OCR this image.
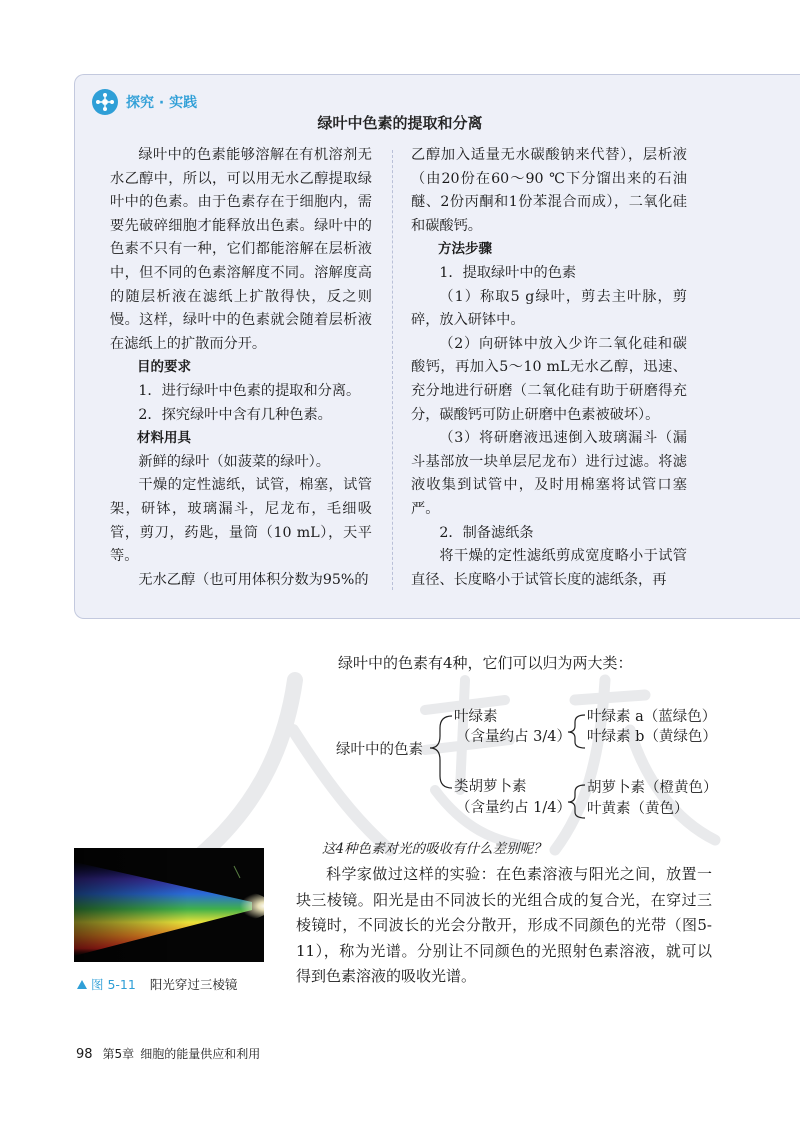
探究 · 实践
绿叶中色素的提取和分离

绿叶中的色素能够溶解在有机溶剂无水乙醇中，所以，可以用无水乙醇提取绿叶中的色素。由于色素存在于细胞内，需要先破碎细胞才能释放出色素。绿叶中的色素不只有一种，它们都能溶解在层析液中，但不同的色素溶解度不同。溶解度高的随层析液在滤纸上扩散得快，反之则慢。这样，绿叶中的色素就会随着层析液在滤纸上的扩散而分开。

目的要求

1．进行绿叶中色素的提取和分离。

2．探究绿叶中含有几种色素。

材料用具

新鲜的绿叶（如菠菜的绿叶）。

干燥的定性滤纸，试管，棉塞，试管架，研钵，玻璃漏斗，尼龙布，毛细吸管，剪刀，药匙，量筒（10 mL），天平等。

无水乙醇（也可用体积分数为95%的

乙醇加入适量无水碳酸钠来代替），层析液（由20份在60～90 ℃下分馏出来的石油醚、2份丙酮和1份苯混合而成），二氧化硅和碳酸钙。

方法步骤

1．提取绿叶中的色素

（1）称取5 g绿叶，剪去主叶脉，剪碎，放入研钵中。

（2）向研钵中放入少许二氧化硅和碳酸钙，再加入5～10 mL无水乙醇，迅速、充分地进行研磨（二氧化硅有助于研磨得充分，碳酸钙可防止研磨中色素被破坏）。

（3）将研磨液迅速倒入玻璃漏斗（漏斗基部放一块单层尼龙布）进行过滤。将滤液收集到试管中，及时用棉塞将试管口塞严。

2．制备滤纸条

将干燥的定性滤纸剪成宽度略小于试管直径、长度略小于试管长度的滤纸条，再

绿叶中的色素有4种，它们可以归为两大类：
绿叶中的色素
叶绿素
（含量约占 3/4）
叶绿素 a（蓝绿色）
叶绿素 b（黄绿色）
类胡萝卜素
（含量约占 1/4）
胡萝卜素（橙黄色）
叶黄素（黄色）
这4种色素对光的吸收有什么差别呢？

科学家做过这样的实验：在色素溶液与阳光之间，放置一块三棱镜。阳光是由不同波长的光组合成的复合光，在穿过三棱镜时，不同波长的光会分散开，形成不同颜色的光带（图5-11），称为光谱。分别让不同颜色的光照射色素溶液，就可以得到色素溶液的吸收光谱。

图 5-11 阳光穿过三棱镜
98 第5章 细胞的能量供应和利用
